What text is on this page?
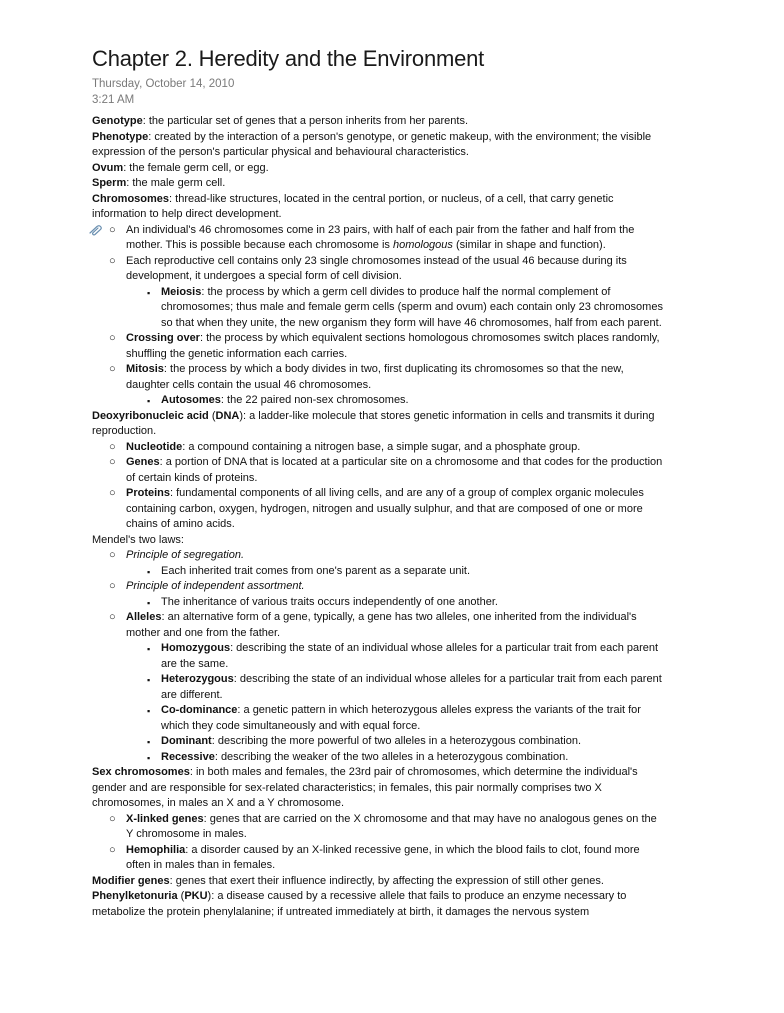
Chapter 2. Heredity and the Environment
Thursday, October 14, 2010
3:21 AM

Genotype: the particular set of genes that a person inherits from her parents.

Phenotype: created by the interaction of a person's genotype, or genetic makeup, with the environment; the visible expression of the person's particular physical and behavioural characteristics.

Ovum: the female germ cell, or egg.

Sperm: the male germ cell.

Chromosomes: thread-like structures, located in the central portion, or nucleus, of a cell, that carry genetic information to help direct development.

○ An individual's 46 chromosomes come in 23 pairs, with half of each pair from the father and half from the mother. This is possible because each chromosome is homologous (similar in shape and function).

○ Each reproductive cell contains only 23 single chromosomes instead of the usual 46 because during its development, it undergoes a special form of cell division.

▪ Meiosis: the process by which a germ cell divides to produce half the normal complement of chromosomes; thus male and female germ cells (sperm and ovum) each contain only 23 chromosomes so that when they unite, the new organism they form will have 46 chromosomes, half from each parent.

○ Crossing over: the process by which equivalent sections homologous chromosomes switch places randomly, shuffling the genetic information each carries.

○ Mitosis: the process by which a body divides in two, first duplicating its chromosomes so that the new, daughter cells contain the usual 46 chromosomes.

▪ Autosomes: the 22 paired non-sex chromosomes.

Deoxyribonucleic acid (DNA): a ladder-like molecule that stores genetic information in cells and transmits it during reproduction.

○ Nucleotide: a compound containing a nitrogen base, a simple sugar, and a phosphate group.

○ Genes: a portion of DNA that is located at a particular site on a chromosome and that codes for the production of certain kinds of proteins.

○ Proteins: fundamental components of all living cells, and are any of a group of complex organic molecules containing carbon, oxygen, hydrogen, nitrogen and usually sulphur, and that are composed of one or more chains of amino acids.

Mendel's two laws:

○ Principle of segregation.

▪ Each inherited trait comes from one's parent as a separate unit.

○ Principle of independent assortment.

▪ The inheritance of various traits occurs independently of one another.

○ Alleles: an alternative form of a gene, typically, a gene has two alleles, one inherited from the individual's mother and one from the father.

▪ Homozygous: describing the state of an individual whose alleles for a particular trait from each parent are the same.

▪ Heterozygous: describing the state of an individual whose alleles for a particular trait from each parent are different.

▪ Co-dominance: a genetic pattern in which heterozygous alleles express the variants of the trait for which they code simultaneously and with equal force.

▪ Dominant: describing the more powerful of two alleles in a heterozygous combination.

▪ Recessive: describing the weaker of the two alleles in a heterozygous combination.

Sex chromosomes: in both males and females, the 23rd pair of chromosomes, which determine the individual's gender and are responsible for sex-related characteristics; in females, this pair normally comprises two X chromosomes, in males an X and a Y chromosome.

○ X-linked genes: genes that are carried on the X chromosome and that may have no analogous genes on the Y chromosome in males.

○ Hemophilia: a disorder caused by an X-linked recessive gene, in which the blood fails to clot, found more often in males than in females.

Modifier genes: genes that exert their influence indirectly, by affecting the expression of still other genes.

Phenylketonuria (PKU): a disease caused by a recessive allele that fails to produce an enzyme necessary to metabolize the protein phenylalanine; if untreated immediately at birth, it damages the nervous system
